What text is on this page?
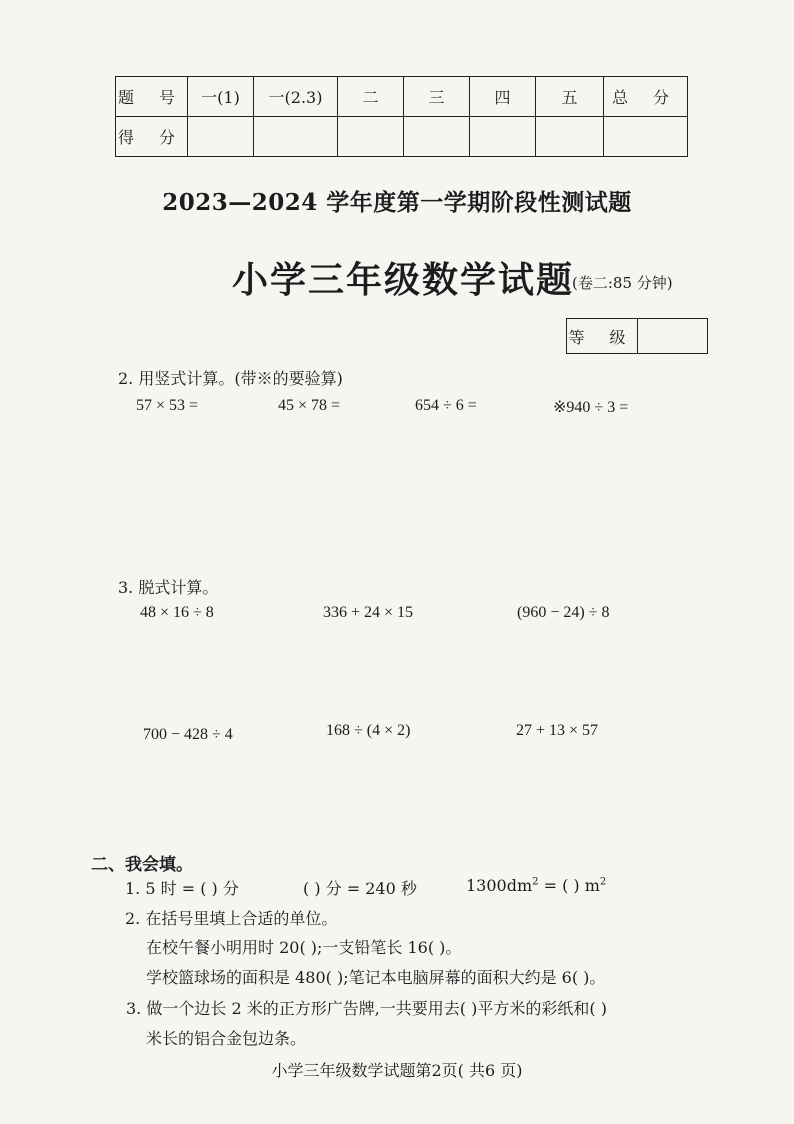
题 号	一(1)	一(2.3)	二	三	四	五	总 分
得 分							
2023—2024 学年度第一学期阶段性测试题
小学三年级数学试题
(卷二:85 分钟)
等 级
2. 用竖式计算。(带※的要验算)
57 × 53 =	45 × 78 =	654 ÷ 6 =	※940 ÷ 3 =
3. 脱式计算。
48 × 16 ÷ 8	336 + 24 × 15	(960 − 24) ÷ 8
700 − 428 ÷ 4	168 ÷ (4 × 2)	27 + 13 × 57
二、我会填。
1. 5 时 = ( ) 分	( ) 分 = 240 秒	$1300dm^2$ = ( ) $m^2$
2. 在括号里填上合适的单位。
在校午餐小明用时 20( );一支铅笔长 16( )。
学校篮球场的面积是 480( );笔记本电脑屏幕的面积大约是 6( )。
3. 做一个边长 2 米的正方形广告牌,一共要用去( )平方米的彩纸和( )
米长的铝合金包边条。
小学三年级数学试题第2页( 共6 页)
